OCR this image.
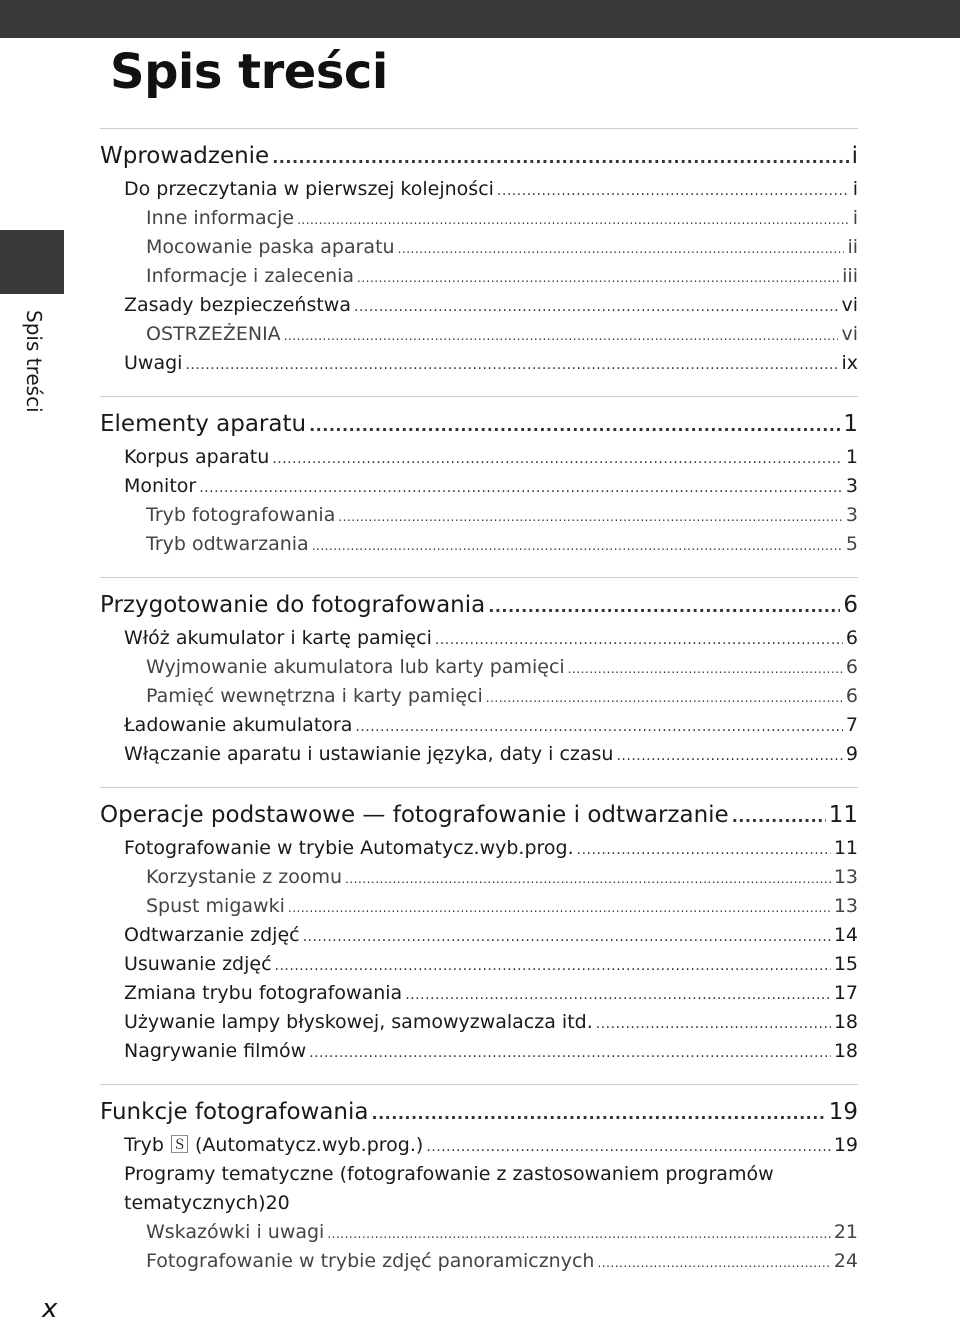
Spis treści
Spis treści
Wprowadzenie .....	i
Do przeczytania w pierwszej kolejności .....	i
Inne informacje .....	i
Mocowanie paska aparatu .....	ii
Informacje i zalecenia .....	iii
Zasady bezpieczeństwa .....	vi
OSTRZEŻENIA .....	vi
Uwagi .....	ix
Elementy aparatu .....	1
Korpus aparatu .....	1
Monitor .....	3
Tryb fotografowania .....	3
Tryb odtwarzania .....	5
Przygotowanie do fotografowania .....	6
Włóż akumulator i kartę pamięci .....	6
Wyjmowanie akumulatora lub karty pamięci .....	6
Pamięć wewnętrzna i karty pamięci .....	6
Ładowanie akumulatora .....	7
Włączanie aparatu i ustawianie języka, daty i czasu .....	9
Operacje podstawowe — fotografowanie i odtwarzanie .....	11
Fotografowanie w trybie Automatycz.wyb.prog. .....	11
Korzystanie z zoomu .....	13
Spust migawki .....	13
Odtwarzanie zdjęć .....	14
Usuwanie zdjęć .....	15
Zmiana trybu fotografowania .....	17
Używanie lampy błyskowej, samowyzwalacza itd. .....	18
Nagrywanie filmów .....	18
Funkcje fotografowania .....	19
Tryb 🅂 (Automatycz.wyb.prog.) .....	19
Programy tematyczne (fotografowanie z zastosowaniem programów
tematycznych) 20
Wskazówki i uwagi .....	21
Fotografowanie w trybie zdjęć panoramicznych .....	24
x
